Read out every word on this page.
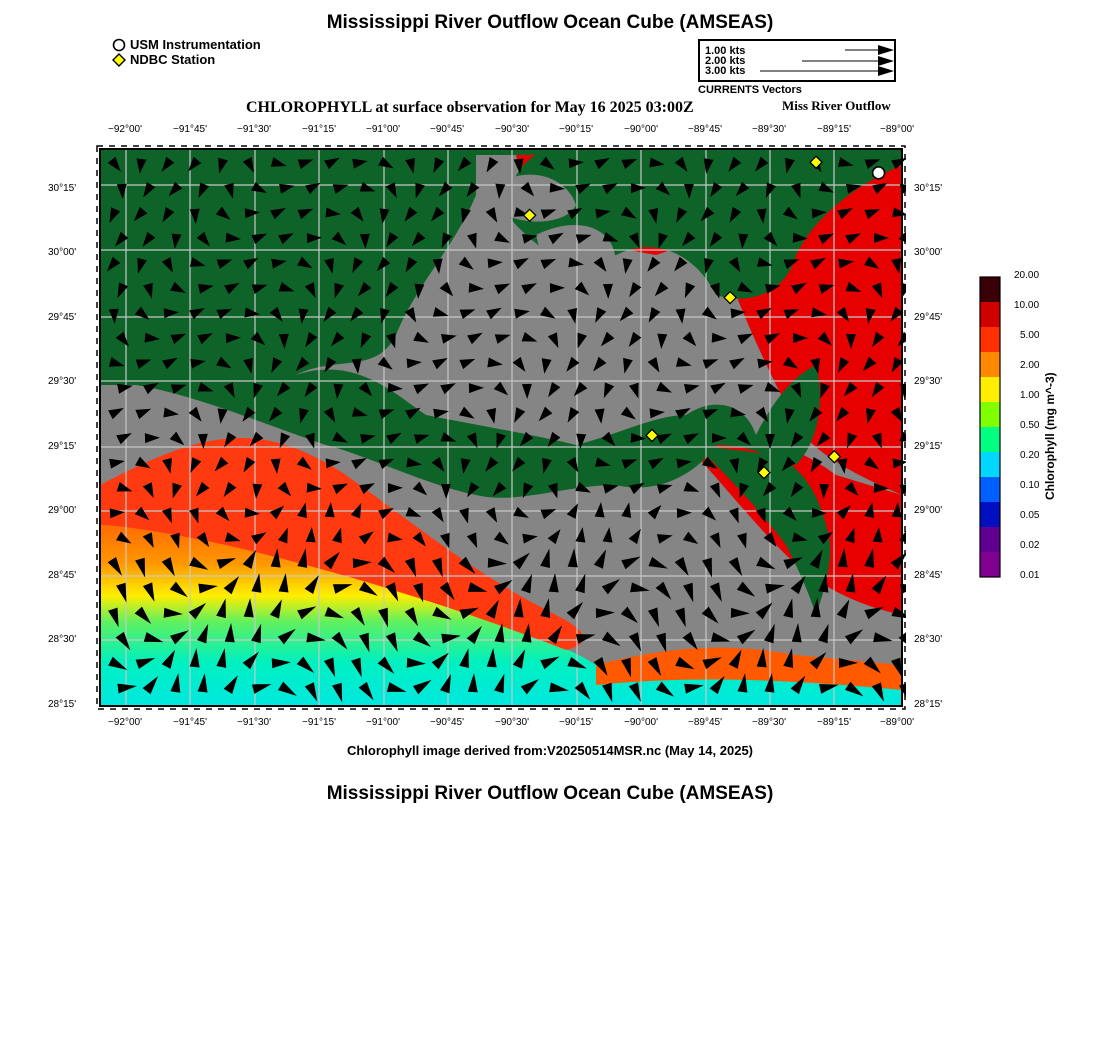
Mississippi River Outflow Ocean Cube (AMSEAS)
USM Instrumentation
NDBC Station
1.00 kts
2.00 kts
3.00 kts
CURRENTS Vectors
CHLOROPHYLL at surface observation for May 16 2025 03:00Z	Miss River Outflow
−92°00'	−91°45'	−91°30'	−91°15'	−91°00'	−90°45'	−90°30'	−90°15'	−90°00'	−89°45'	−89°30'	−89°15'	−89°00'
−92°00'	−91°45'	−91°30'	−91°15'	−91°00'	−90°45'	−90°30'	−90°15'	−90°00'	−89°45'	−89°30'	−89°15'	−89°00'
30°15'
30°00'
29°45'
29°30'
29°15'
29°00'
28°45'
28°30'
28°15'
30°15'
30°00'
29°45'
29°30'
29°15'
29°00'
28°45'
28°30'
28°15'
20.00
10.00
5.00
2.00
1.00
0.50
0.20
0.10
0.05
0.02
0.01
Chlorophyll (mg m^-3)
Chlorophyll image derived from:V20250514MSR.nc (May 14, 2025)
Mississippi River Outflow Ocean Cube (AMSEAS)
